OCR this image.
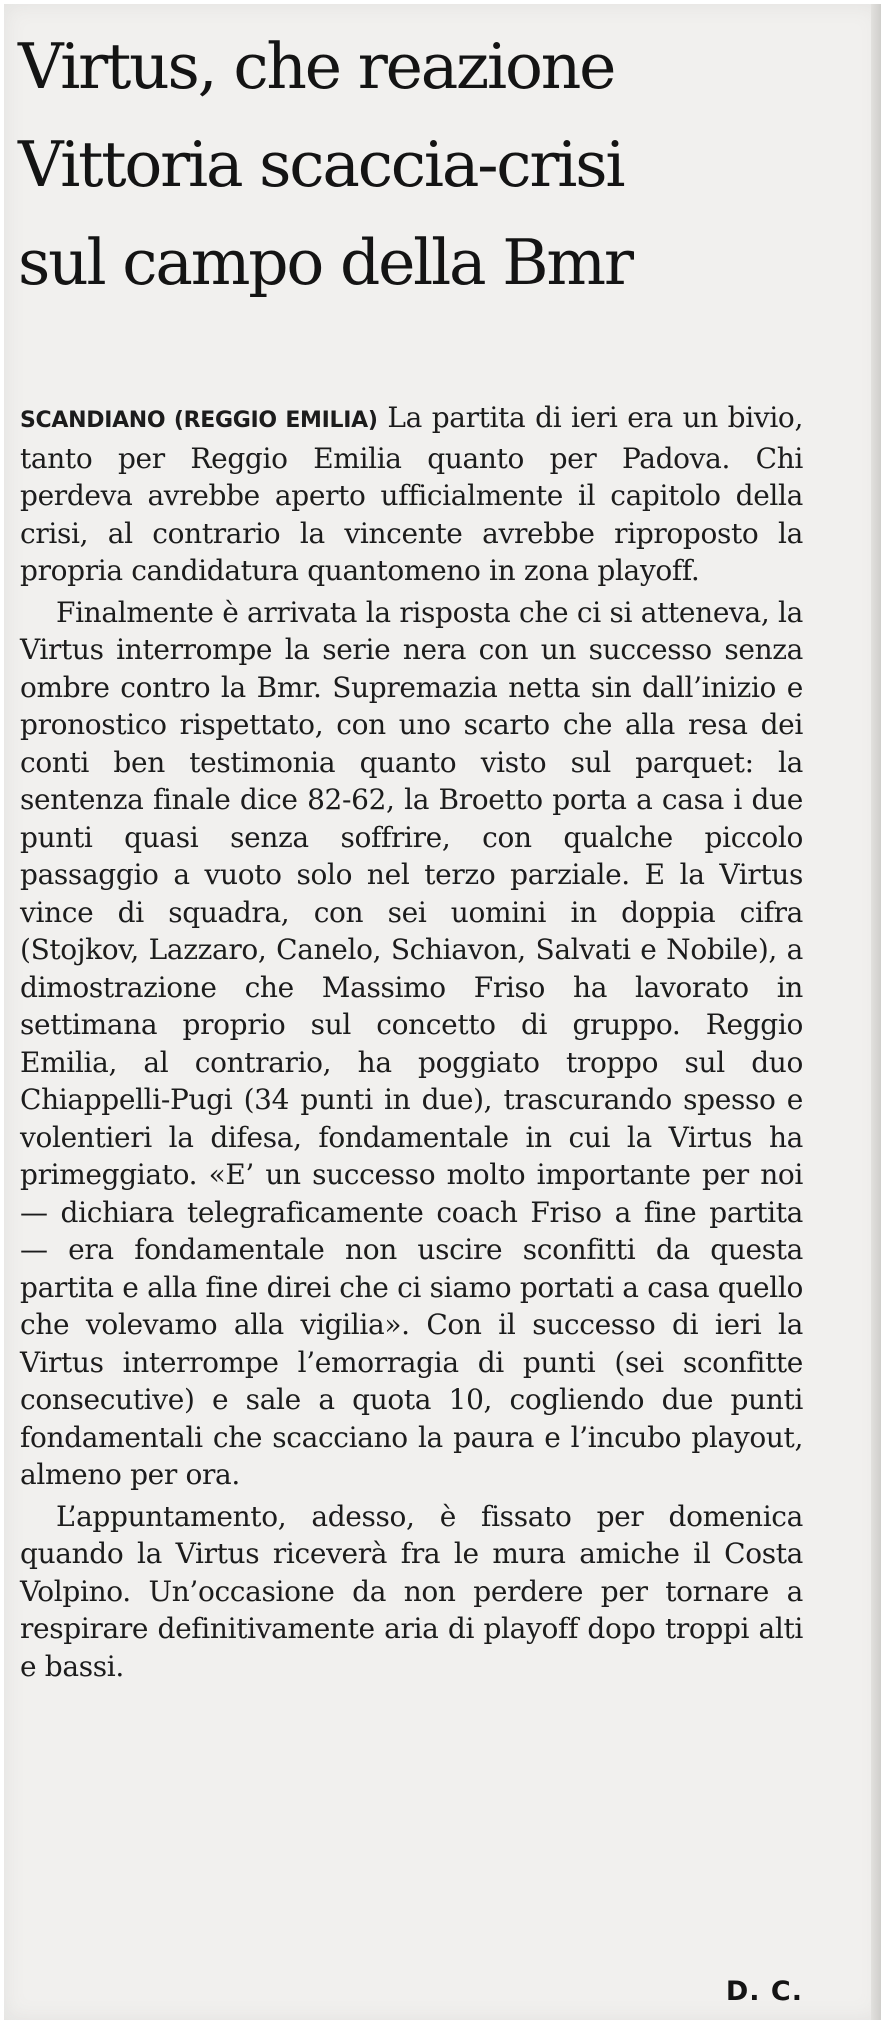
Virtus, che reazione
Vittoria scaccia-crisi
sul campo della Bmr

SCANDIANO (REGGIO EMILIA) La partita di ieri era un bivio, tanto per Reggio Emilia quanto per Padova. Chi perdeva avrebbe aperto ufficialmente il capitolo della crisi, al contrario la vincente avrebbe riproposto la propria candidatura quantomeno in zona playoff.

Finalmente è arrivata la risposta che ci si atteneva, la Virtus interrompe la serie nera con un successo senza ombre contro la Bmr. Supremazia netta sin dall’inizio e pronostico rispettato, con uno scarto che alla resa dei conti ben testimonia quanto visto sul parquet: la sentenza finale dice 82-62, la Broetto porta a casa i due punti quasi senza soffrire, con qualche piccolo passaggio a vuoto solo nel terzo parziale. E la Virtus vince di squadra, con sei uomini in doppia cifra (Stojkov, Lazzaro, Canelo, Schiavon, Salvati e Nobile), a dimostrazione che Massimo Friso ha lavorato in settimana proprio sul concetto di gruppo. Reggio Emilia, al contrario, ha poggiato troppo sul duo Chiappelli-Pugi (34 punti in due), trascurando spesso e volentieri la difesa, fondamentale in cui la Virtus ha primeggiato. «E’ un successo molto importante per noi — dichiara telegraficamente coach Friso a fine partita — era fondamentale non uscire sconfitti da questa partita e alla fine direi che ci siamo portati a casa quello che volevamo alla vigilia». Con il successo di ieri la Virtus interrompe l’emorragia di punti (sei sconfitte consecutive) e sale a quota 10, cogliendo due punti fondamentali che scacciano la paura e l’incubo playout, almeno per ora.

L’appuntamento, adesso, è fissato per domenica quando la Virtus riceverà fra le mura amiche il Costa Volpino. Un’occasione da non perdere per tornare a respirare definitivamente aria di playoff dopo troppi alti e bassi.

D. C.
